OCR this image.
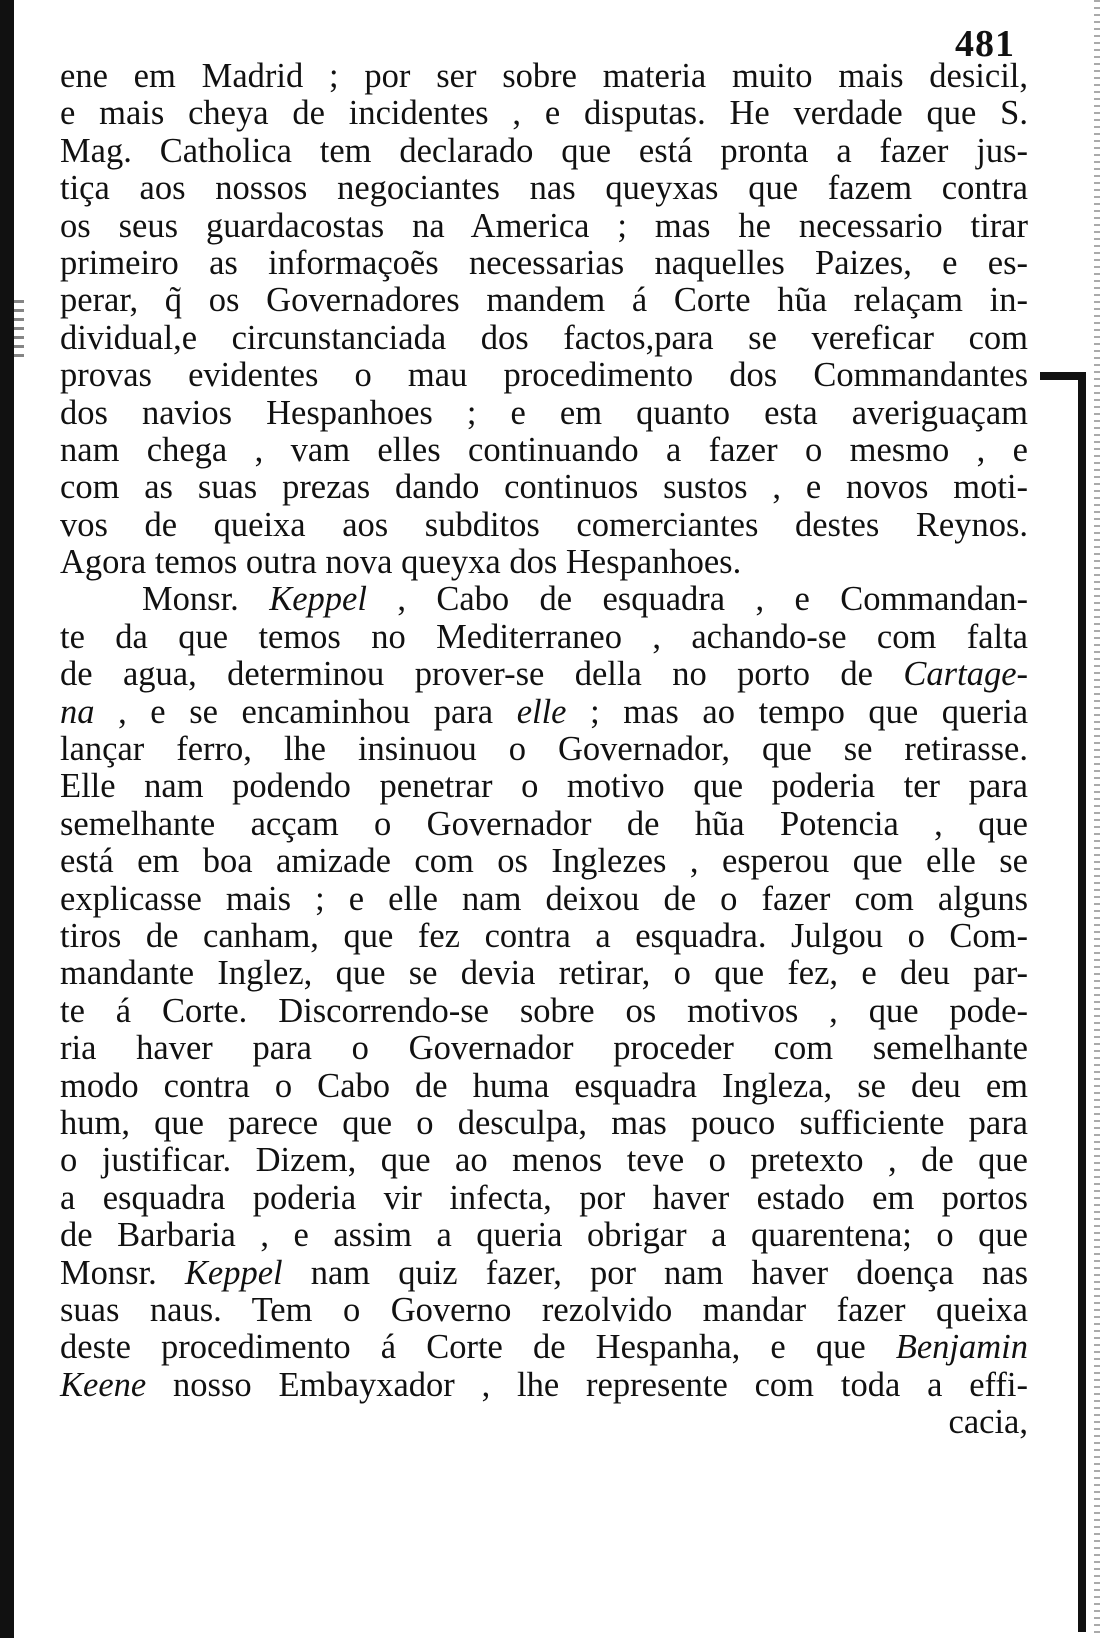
481
ene em Madrid ; por ser sobre materia muito mais desicil,
e mais cheya de incidentes , e disputas. He verdade que S.
Mag. Catholica tem declarado que está pronta a fazer jus-
tiça aos nossos negociantes nas queyxas que fazem contra
os seus guardacostas na America ; mas he necessario tirar
primeiro as informaçoẽs necessarias naquelles Paizes, e es-
perar, q̃ os Governadores mandem á Corte hũa relaçam in-
dividual,e circunstanciada dos factos,para se vereficar com
provas evidentes o mau procedimento dos Commandantes
dos navios Hespanhoes ; e em quanto esta averiguaçam
nam chega , vam elles continuando a fazer o mesmo , e
com as suas prezas dando continuos sustos , e novos moti-
vos de queixa aos subditos comerciantes destes Reynos.
Agora temos outra nova queyxa dos Hespanhoes.
Monsr. Keppel , Cabo de esquadra , e Commandan-
te da que temos no Mediterraneo , achando-se com falta
de agua, determinou prover-se della no porto de Cartage-
na , e se encaminhou para elle ; mas ao tempo que queria
lançar ferro, lhe insinuou o Governador, que se retirasse.
Elle nam podendo penetrar o motivo que poderia ter para
semelhante acçam o Governador de hũa Potencia , que
está em boa amizade com os Inglezes , esperou que elle se
explicasse mais ; e elle nam deixou de o fazer com alguns
tiros de canham, que fez contra a esquadra. Julgou o Com-
mandante Inglez, que se devia retirar, o que fez, e deu par-
te á Corte. Discorrendo-se sobre os motivos , que pode-
ria haver para o Governador proceder com semelhante
modo contra o Cabo de huma esquadra Ingleza, se deu em
hum, que parece que o desculpa, mas pouco sufficiente para
o justificar. Dizem, que ao menos teve o pretexto , de que
a esquadra poderia vir infecta, por haver estado em portos
de Barbaria , e assim a queria obrigar a quarentena; o que
Monsr. Keppel nam quiz fazer, por nam haver doença nas
suas naus. Tem o Governo rezolvido mandar fazer queixa
deste procedimento á Corte de Hespanha, e que Benjamin
Keene nosso Embayxador , lhe represente com toda a effi-
cacia,
